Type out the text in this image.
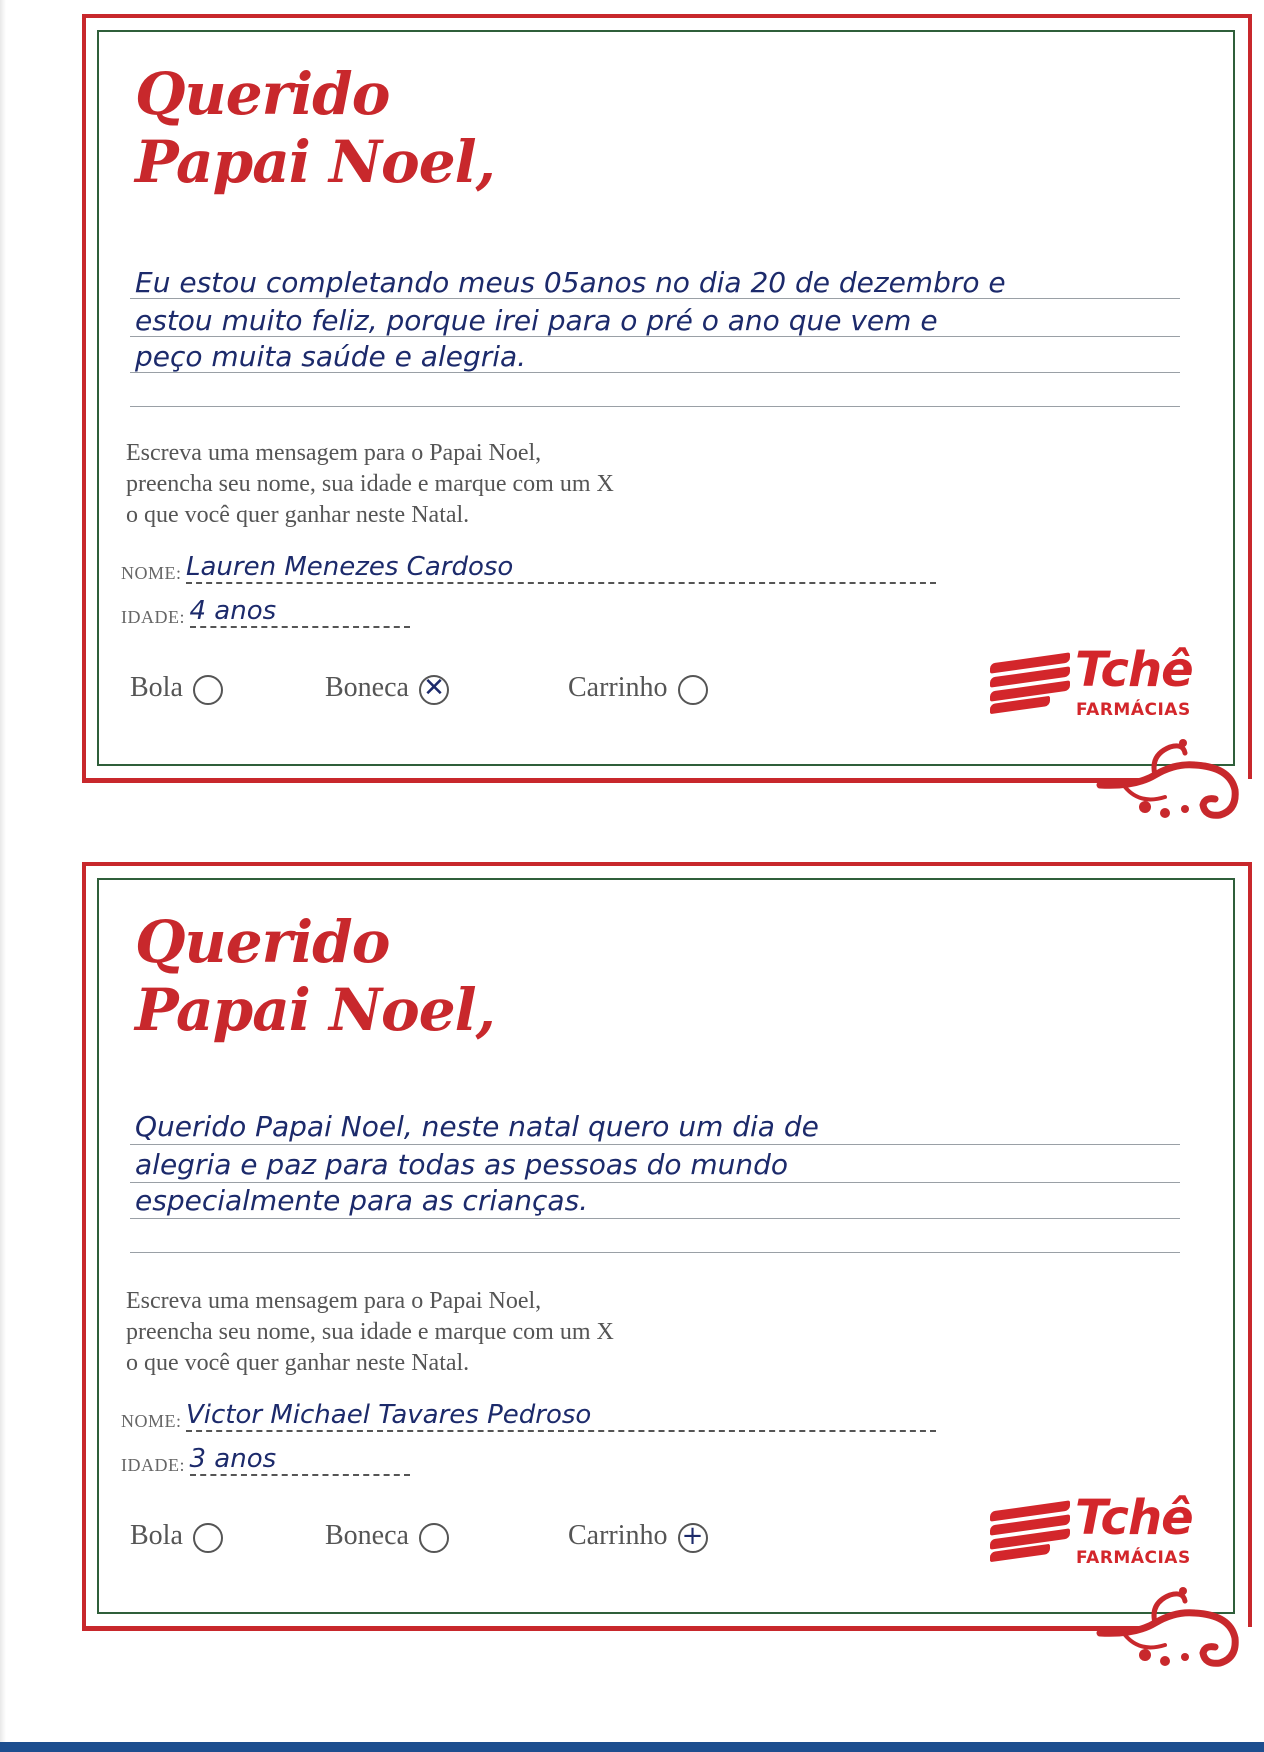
Querido
Papai Noel,
Eu estou completando meus 05anos no dia 20 de dezembro e
estou muito feliz, porque irei para o pré o ano que vem e
peço muita saúde e alegria.
Escreva uma mensagem para o Papai Noel,
preencha seu nome, sua idade e marque com um X
o que você quer ganhar neste Natal.
NOME: Lauren Menezes Cardoso
IDADE: 4 anos
Bola	Boneca ✕	Carrinho	Tchê
FARMÁCIAS
Querido
Papai Noel,
Querido Papai Noel, neste natal quero um dia de
alegria e paz para todas as pessoas do mundo
especialmente para as crianças.
Escreva uma mensagem para o Papai Noel,
preencha seu nome, sua idade e marque com um X
o que você quer ganhar neste Natal.
NOME: Victor Michael Tavares Pedroso
IDADE: 3 anos
Bola	Boneca	Carrinho +	Tchê
FARMÁCIAS
